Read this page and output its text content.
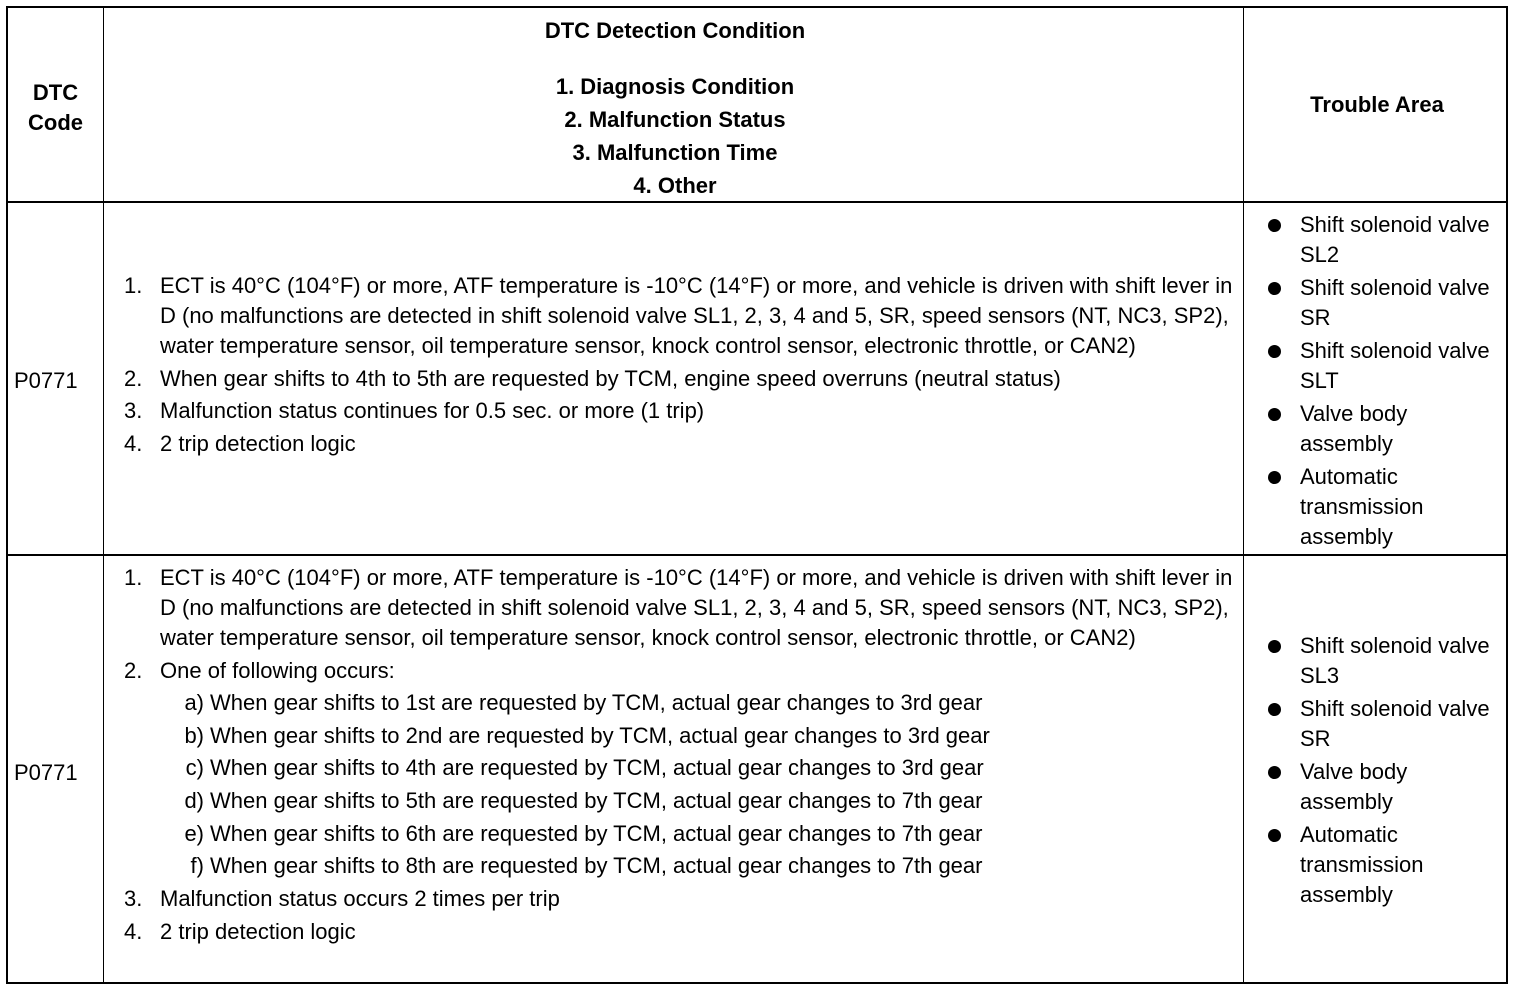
DTC
Code
DTC Detection Condition
1. Diagnosis Condition
2. Malfunction Status
3. Malfunction Time
4. Other
Trouble Area
P0771
1. ECT is 40°C (104°F) or more, ATF temperature is -10°C (14°F) or more, and vehicle is driven with shift lever in D (no malfunctions are detected in shift solenoid valve SL1, 2, 3, 4 and 5, SR, speed sensors (NT, NC3, SP2), water temperature sensor, oil temperature sensor, knock control sensor, electronic throttle, or CAN2)
2. When gear shifts to 4th to 5th are requested by TCM, engine speed overruns (neutral status)
3. Malfunction status continues for 0.5 sec. or more (1 trip)
4. 2 trip detection logic
Shift solenoid valve SL2
Shift solenoid valve SR
Shift solenoid valve SLT
Valve body assembly
Automatic transmission assembly
P0771
1. ECT is 40°C (104°F) or more, ATF temperature is -10°C (14°F) or more, and vehicle is driven with shift lever in D (no malfunctions are detected in shift solenoid valve SL1, 2, 3, 4 and 5, SR, speed sensors (NT, NC3, SP2), water temperature sensor, oil temperature sensor, knock control sensor, electronic throttle, or CAN2)
2. One of following occurs:
a) When gear shifts to 1st are requested by TCM, actual gear changes to 3rd gear
b) When gear shifts to 2nd are requested by TCM, actual gear changes to 3rd gear
c) When gear shifts to 4th are requested by TCM, actual gear changes to 3rd gear
d) When gear shifts to 5th are requested by TCM, actual gear changes to 7th gear
e) When gear shifts to 6th are requested by TCM, actual gear changes to 7th gear
f) When gear shifts to 8th are requested by TCM, actual gear changes to 7th gear
3. Malfunction status occurs 2 times per trip
4. 2 trip detection logic
Shift solenoid valve SL3
Shift solenoid valve SR
Valve body assembly
Automatic transmission assembly
